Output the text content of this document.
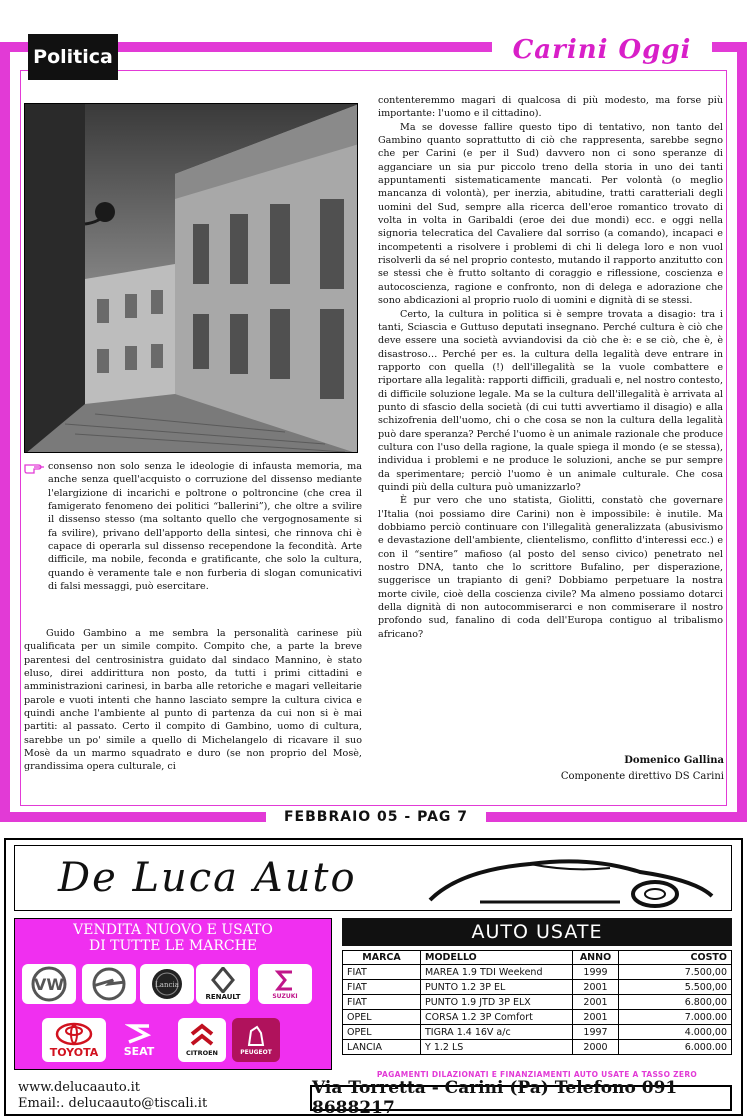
Politica	Carini Oggi
FEBBRAIO 05 - PAG 7

consenso non solo senza le ideologie di infausta memoria, ma anche senza quell'acquisto o corruzione del dissenso mediante l'elargizione di incarichi e poltrone o poltroncine (che crea il famigerato fenomeno dei politici “ballerini”), che oltre a svilire il dissenso stesso (ma soltanto quello che vergognosamente si fa svilire), privano dell'apporto della sintesi, che rinnova chi è capace di operarla sul dissenso recependone la fecondità. Arte difficile, ma nobile, feconda e gratificante, che solo la cultura, quando è veramente tale e non furberia di slogan comunicativi di falsi messaggi, può esercitare.

Guido Gambino a me sembra la personalità carinese più qualificata per un simile compito. Compito che, a parte la breve parentesi del centrosinistra guidato dal sindaco Mannino, è stato eluso, direi addirittura non posto, da tutti i primi cittadini e amministrazioni carinesi, in barba alle retoriche e magari velleitarie parole e vuoti intenti che hanno lasciato sempre la cultura civica e quindi anche l'ambiente al punto di partenza da cui non si è mai partiti: al passato. Certo il compito di Gambino, uomo di cultura, sarebbe un po' simile a quello di Michelangelo di ricavare il suo Mosè da un marmo squadrato e duro (se non proprio del Mosè, grandissima opera culturale, ci

contenteremmo magari di qualcosa di più modesto, ma forse più importante: l'uomo e il cittadino).

Ma se dovesse fallire questo tipo di tentativo, non tanto del Gambino quanto soprattutto di ciò che rappresenta, sarebbe segno che per Carini (e per il Sud) davvero non ci sono speranze di agganciare un sia pur piccolo treno della storia in uno dei tanti appuntamenti sistematicamente mancati. Per volontà (o meglio mancanza di volontà), per inerzia, abitudine, tratti caratteriali degli uomini del Sud, sempre alla ricerca dell'eroe romantico trovato di volta in volta in Garibaldi (eroe dei due mondi) ecc. e oggi nella signoria telecratica del Cavaliere dal sorriso (a comando), incapaci e incompetenti a risolvere i problemi di chi li delega loro e non vuol risolverli da sé nel proprio contesto, mutando il rapporto anzitutto con se stessi che è frutto soltanto di coraggio e riflessione, coscienza e autocoscienza, ragione e confronto, non di delega e adorazione che sono abdicazioni al proprio ruolo di uomini e dignità di se stessi.

Certo, la cultura in politica si è sempre trovata a disagio: tra i tanti, Sciascia e Guttuso deputati insegnano. Perché cultura è ciò che deve essere una società avviandovisi da ciò che è: e se ciò, che è, è disastroso… Perché per es. la cultura della legalità deve entrare in rapporto con quella (!) dell'illegalità se la vuole combattere e riportare alla legalità: rapporti difficili, graduali e, nel nostro contesto, di difficile soluzione legale. Ma se la cultura dell'illegalità è arrivata al punto di sfascio della società (di cui tutti avvertiamo il disagio) e alla schizofrenia dell'uomo, chi o che cosa se non la cultura della legalità può dare speranza? Perché l'uomo è un animale razionale che produce cultura con l'uso della ragione, la quale spiega il mondo (e se stessa), individua i problemi e ne produce le soluzioni, anche se pur sempre da sperimentare; perciò l'uomo è un animale culturale. Che cosa quindi più della cultura può umanizzarlo?

È pur vero che uno statista, Giolitti, constatò che governare l'Italia (noi possiamo dire Carini) non è impossibile: è inutile. Ma dobbiamo perciò continuare con l'illegalità generalizzata (abusivismo e devastazione dell'ambiente, clientelismo, conflitto d'interessi ecc.) e con il “sentire” mafioso (al posto del senso civico) penetrato nel nostro DNA, tanto che lo scrittore Bufalino, per disperazione, suggerisce un trapianto di geni? Dobbiamo perpetuare la nostra morte civile, cioè della coscienza civile? Ma almeno possiamo dotarci della dignità di non autocommiserarci e non commiserare il nostro profondo sud, fanalino di coda dell'Europa contiguo al tribalismo africano?

Domenico Gallina
Componente direttivo DS Carini
De Luca Auto
VENDITA NUOVO E USATO
DI TUTTE LE MARCHE
VW
Opel
Lancia
RENAULT	SUZUKI
TOYOTA SEAT	CITROEN	PEUGEOT
AUTO USATE
MARCA	MODELLO	ANNO	COSTO
FIAT	MAREA 1.9 TDI Weekend	1999	7.500,00
FIAT	PUNTO 1.2 3P EL	2001	5.500,00
FIAT	PUNTO 1.9 JTD 3P ELX	2001	6.800,00
OPEL	CORSA 1.2 3P Comfort	2001	7.000.00
OPEL	TIGRA 1.4 16V a/c	1997	4.000,00
LANCIA	Y 1.2 LS	2000	6.000.00
PAGAMENTI DILAZIONATI E FINANZIAMENTI AUTO USATE A TASSO ZERO
www.delucaauto.it
Email:. delucaauto@tiscali.it
Via Torretta - Carini (Pa) Telefono 091 8688217
